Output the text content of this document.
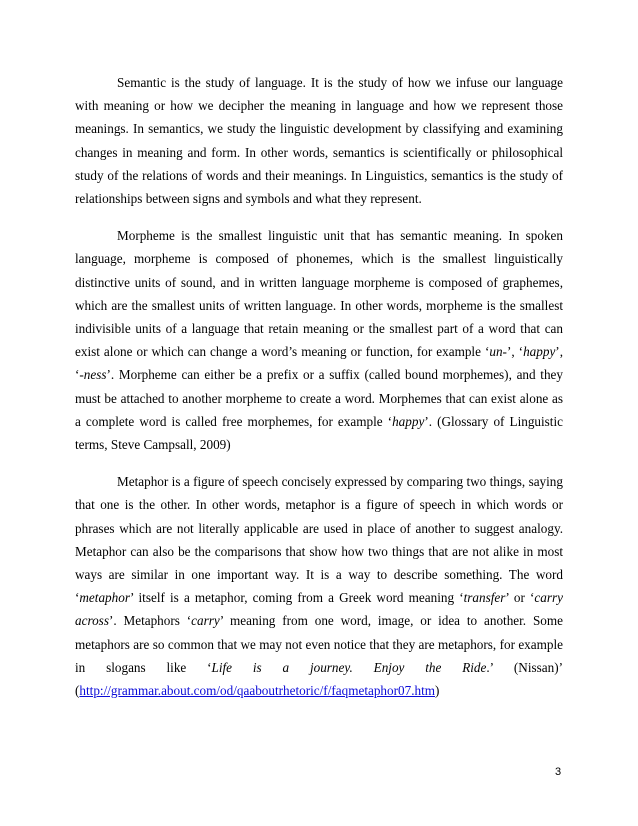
Semantic is the study of language. It is the study of how we infuse our language with meaning or how we decipher the meaning in language and how we represent those meanings. In semantics, we study the linguistic development by classifying and examining changes in meaning and form. In other words, semantics is scientifically or philosophical study of the relations of words and their meanings. In Linguistics, semantics is the study of relationships between signs and symbols and what they represent.

Morpheme is the smallest linguistic unit that has semantic meaning. In spoken language, morpheme is composed of phonemes, which is the smallest linguistically distinctive units of sound, and in written language morpheme is composed of graphemes, which are the smallest units of written language. In other words, morpheme is the smallest indivisible units of a language that retain meaning or the smallest part of a word that can exist alone or which can change a word’s meaning or function, for example ‘un-’, ‘happy’, ‘-ness’. Morpheme can either be a prefix or a suffix (called bound morphemes), and they must be attached to another morpheme to create a word. Morphemes that can exist alone as a complete word is called free morphemes, for example ‘happy’. (Glossary of Linguistic terms, Steve Campsall, 2009)

Metaphor is a figure of speech concisely expressed by comparing two things, saying that one is the other. In other words, metaphor is a figure of speech in which words or phrases which are not literally applicable are used in place of another to suggest analogy. Metaphor can also be the comparisons that show how two things that are not alike in most ways are similar in one important way. It is a way to describe something. The word ‘metaphor’ itself is a metaphor, coming from a Greek word meaning ‘transfer’ or ‘carry across’. Metaphors ‘carry’ meaning from one word, image, or idea to another. Some metaphors are so common that we may not even notice that they are metaphors, for example in slogans like ‘Life is a journey. Enjoy the Ride.’ (Nissan)’ (http://grammar.about.com/od/qaaboutrhetoric/f/faqmetaphor07.htm)

3
